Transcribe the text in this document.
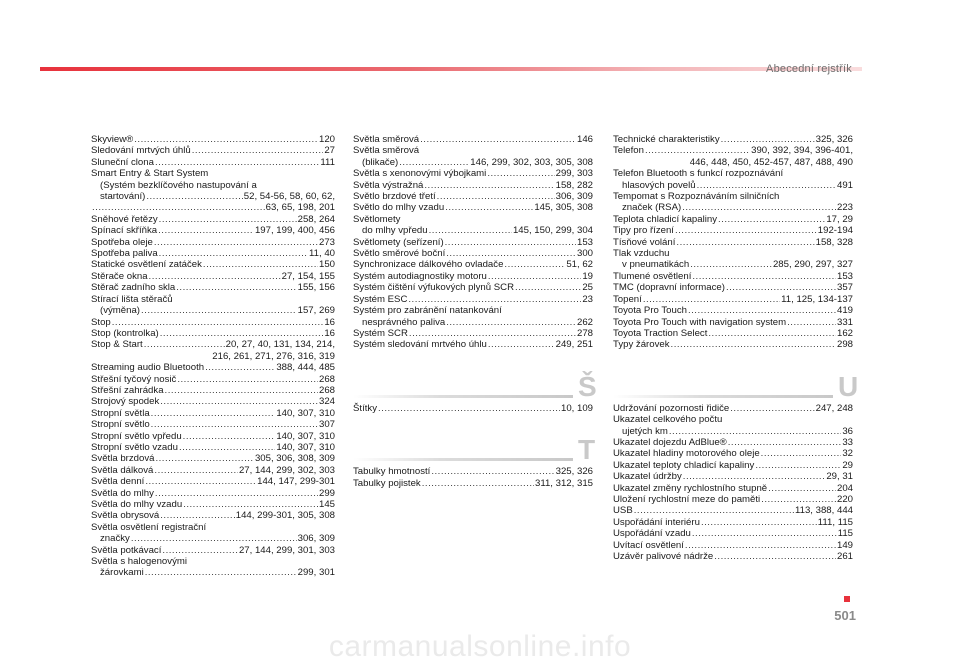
Abecední rejstřík
Skyview® .....	120
Sledování mrtvých úhlů .....	27
Sluneční clona .....	111
Smart Entry & Start System
(Systém bezklíčového nastupování a
startování) .....	52, 54-56, 58, 60, 62,
.....
63, 65, 198, 201
Sněhové řetězy .....	258, 264
Spínací skříňka .....	197, 199, 400, 456
Spotřeba oleje .....	273
Spotřeba paliva .....	11, 40
Statické osvětlení zatáček .....	150
Stěrače okna .....	27, 154, 155
Stěrač zadního skla .....	155, 156
Stírací lišta stěračů
(výměna) .....	157, 269
Stop .....	16
Stop (kontrolka) .....	16
Stop & Start .....	20, 27, 40, 131, 134, 214,
216, 261, 271, 276, 316, 319
Streaming audio Bluetooth .....	388, 444, 485
Střešní tyčový nosič .....	268
Střešní zahrádka .....	268
Strojový spodek .....	324
Stropní světla .....	140, 307, 310
Stropní světlo .....	307
Stropní světlo vpředu .....	140, 307, 310
Stropní světlo vzadu .....	140, 307, 310
Světla brzdová .....	305, 306, 308, 309
Světla dálková .....	27, 144, 299, 302, 303
Světla denní .....	144, 147, 299-301
Světla do mlhy .....	299
Světla do mlhy vzadu .....	145
Světla obrysová .....	144, 299-301, 305, 308
Světla osvětlení registrační
značky .....	306, 309
Světla potkávací .....	27, 144, 299, 301, 303
Světla s halogenovými
žárovkami .....	299, 301
Světla směrová .....	146
Světla směrová
(blikače) .....	146, 299, 302, 303, 305, 308
Světla s xenonovými výbojkami .....	299, 303
Světla výstražná .....	158, 282
Světlo brzdové třetí .....	306, 309
Světlo do mlhy vzadu .....	145, 305, 308
Světlomety
do mlhy vpředu .....	145, 150, 299, 304
Světlomety (seřízení) .....	153
Světlo směrové boční .....	300
Synchronizace dálkového ovladače .....	51, 62
Systém autodiagnostiky motoru .....	19
Systém čištění výfukových plynů SCR .....	25
Systém ESC .....	23
Systém pro zabránění natankování
nesprávného paliva .....	262
Systém SCR .....	278
Systém sledování mrtvého úhlu .....	249, 251
Š
Štítky .....	10, 109
T
Tabulky hmotností .....	325, 326
Tabulky pojistek .....	311, 312, 315
Technické charakteristiky .....	325, 326
Telefon .....	390, 392, 394, 396-401,
446, 448, 450, 452-457, 487, 488, 490
Telefon Bluetooth s funkcí rozpoznávání
hlasových povelů .....	491
Tempomat s Rozpoznáváním silničních
značek (RSA) .....	223
Teplota chladicí kapaliny .....	17, 29
Tipy pro řízení .....	192-194
Tísňové volání .....	158, 328
Tlak vzduchu
v pneumatikách .....	285, 290, 297, 327
Tlumené osvětlení .....	153
TMC (dopravní informace) .....	357
Topení .....	11, 125, 134-137
Toyota Pro Touch .....	419
Toyota Pro Touch with navigation system .....	331
Toyota Traction Select .....	162
Typy žárovek .....	298
U
Udržování pozornosti řidiče .....	247, 248
Ukazatel celkového počtu
ujetých km .....	36
Ukazatel dojezdu AdBlue® .....	33
Ukazatel hladiny motorového oleje .....	32
Ukazatel teploty chladicí kapaliny .....	29
Ukazatel údržby .....	29, 31
Ukazatel změny rychlostního stupně .....	204
Uložení rychlostní meze do paměti .....	220
USB .....	113, 388, 444
Uspořádání interiéru .....	111, 115
Uspořádání vzadu .....	115
Uvítací osvětlení .....	149
Uzávěr palivové nádrže .....	261
501
carmanualsonline.info
